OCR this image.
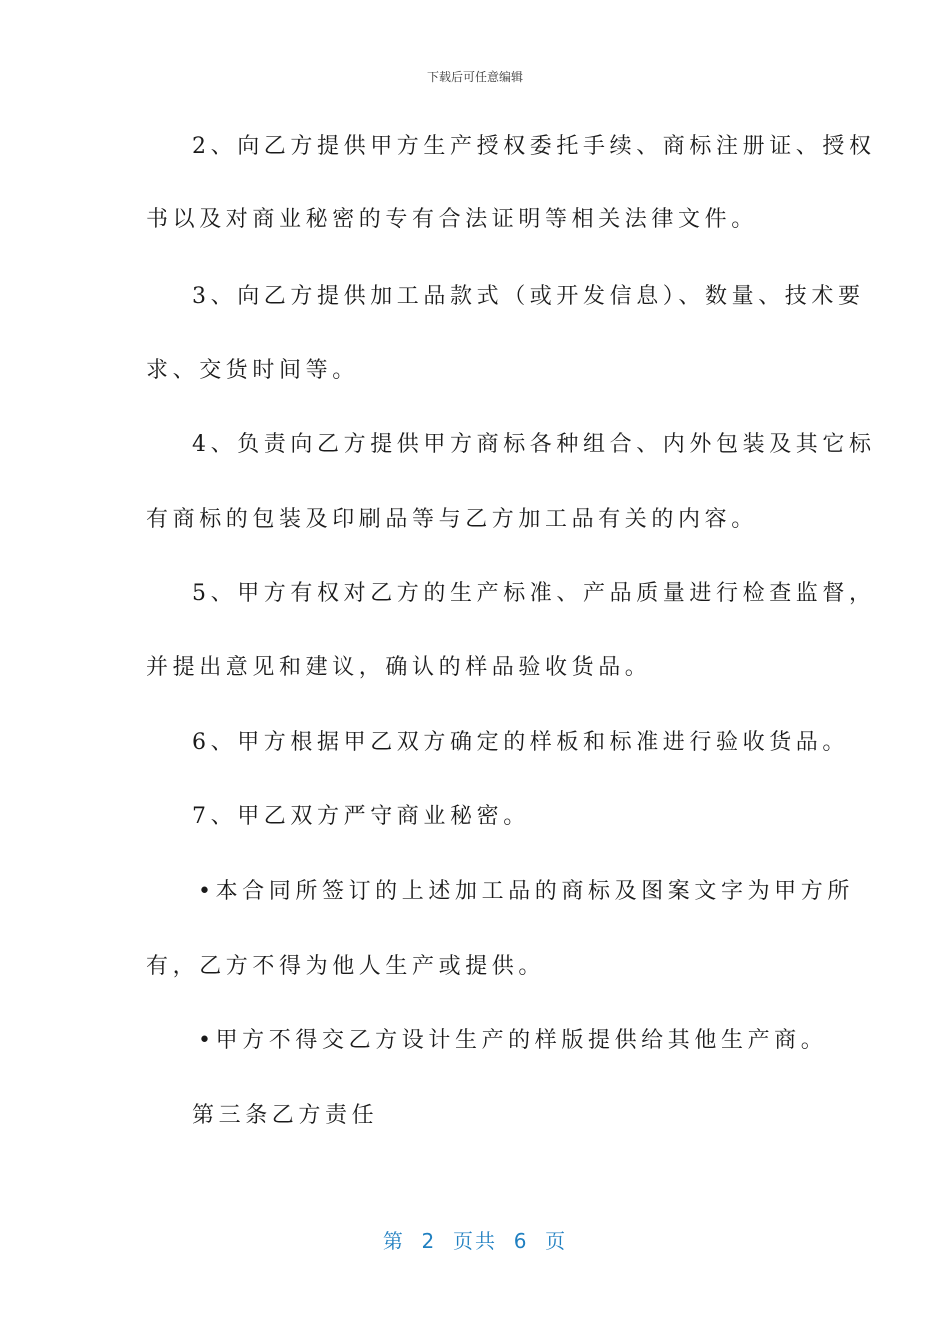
下载后可任意编辑
2、向乙方提供甲方生产授权委托手续、商标注册证、授权
书以及对商业秘密的专有合法证明等相关法律文件。
3、向乙方提供加工品款式（或开发信息）、数量、技术要
求、交货时间等。
4、负责向乙方提供甲方商标各种组合、内外包装及其它标
有商标的包装及印刷品等与乙方加工品有关的内容。
5、甲方有权对乙方的生产标准、产品质量进行检查监督，
并提出意见和建议，确认的样品验收货品。
6、甲方根据甲乙双方确定的样板和标准进行验收货品。
7、甲乙双方严守商业秘密。
•本合同所签订的上述加工品的商标及图案文字为甲方所
有，乙方不得为他人生产或提供。
•甲方不得交乙方设计生产的样版提供给其他生产商。
第三条乙方责任
第  2  页共  6  页
